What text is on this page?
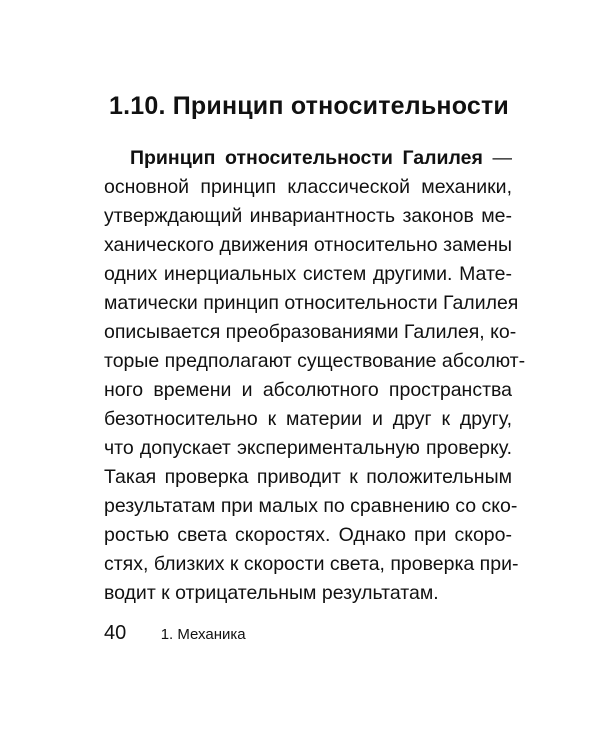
1.10. Принцип относительности
Принцип относительности Галилея —
основной принцип классической механики,
утверждающий инвариантность законов ме-
ханического движения относительно замены
одних инерциальных систем другими. Мате-
матически принцип относительности Галилея
описывается преобразованиями Галилея, ко-
торые предполагают существование абсолют-
ного времени и абсолютного пространства
безотносительно к материи и друг к другу,
что допускает экспериментальную проверку.
Такая проверка приводит к положительным
результатам при малых по сравнению со ско-
ростью света скоростях. Однако при скоро-
стях, близких к скорости света, проверка при-
водит к отрицательным результатам.
40 1. Механика
